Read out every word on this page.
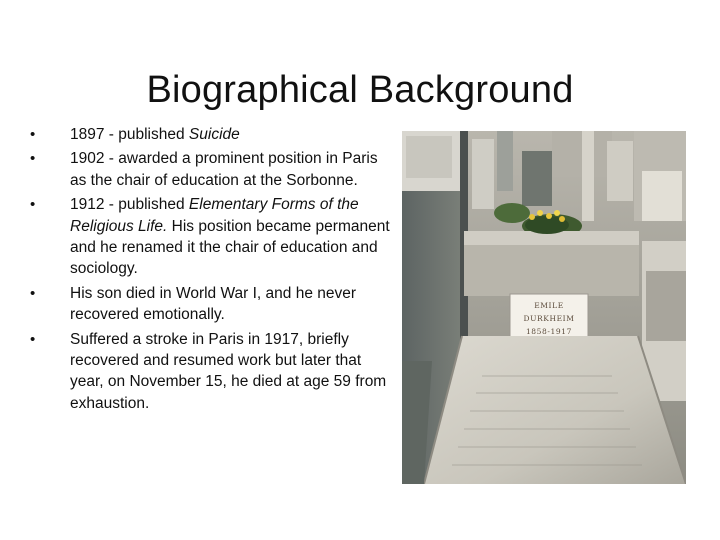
Biographical Background
•	1897 - published Suicide
•	1902 - awarded a prominent position in Paris as the chair of education at the Sorbonne.
•	1912 - published Elementary Forms of the Religious Life. His position became permanent and he renamed it the chair of education and sociology.
•	His son died in World War I, and he never recovered emotionally.
•	Suffered a stroke in Paris in 1917, briefly recovered and resumed work but later that year, on November 15, he died at age 59 from exhaustion.
EMILE
DURKHEIM
1858-1917
